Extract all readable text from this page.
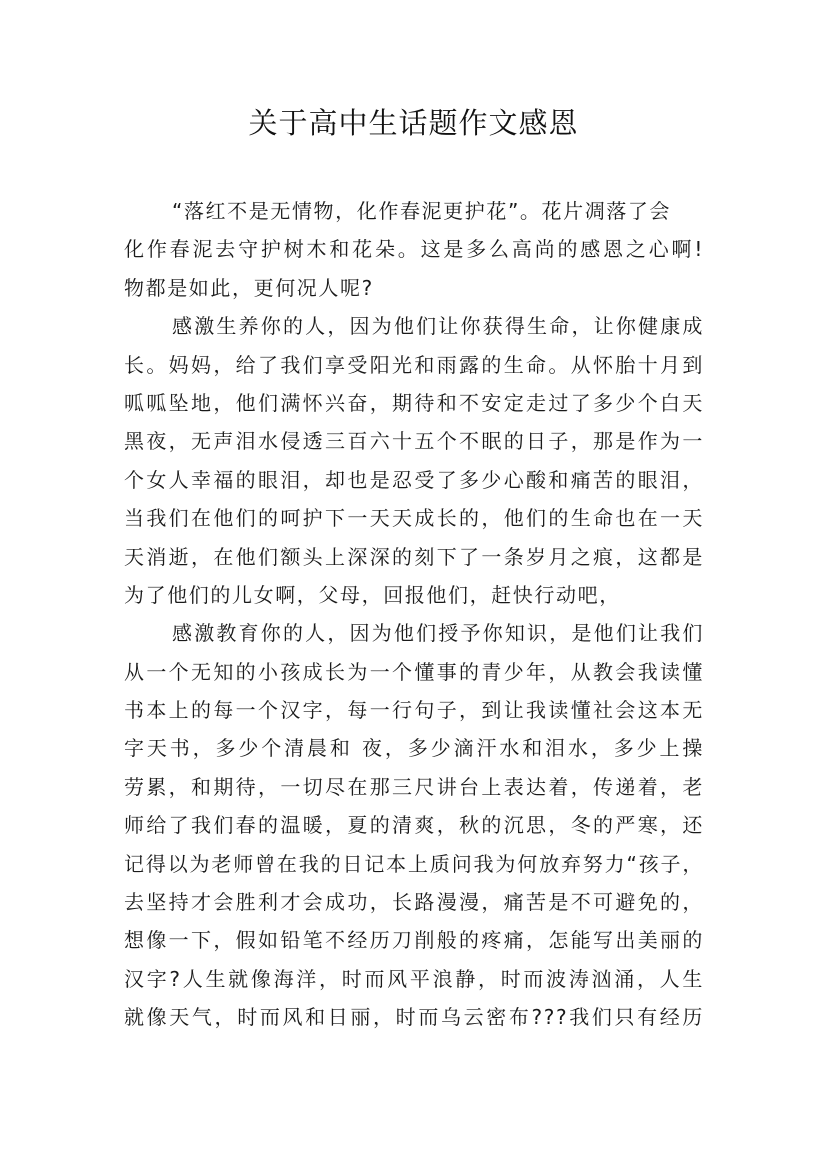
关于高中生话题作文感恩
“落红不是无情物，化作春泥更护花”。花片凋落了会
化作春泥去守护树木和花朵。这是多么高尚的感恩之心啊!
物都是如此，更何况人呢?
感激生养你的人，因为他们让你获得生命，让你健康成
长。妈妈，给了我们享受阳光和雨露的生命。从怀胎十月到
呱呱坠地，他们满怀兴奋，期待和不安定走过了多少个白天
黑夜，无声泪水侵透三百六十五个不眠的日子，那是作为一
个女人幸福的眼泪，却也是忍受了多少心酸和痛苦的眼泪，
当我们在他们的呵护下一天天成长的，他们的生命也在一天
天消逝，在他们额头上深深的刻下了一条岁月之痕，这都是
为了他们的儿女啊，父母，回报他们，赶快行动吧，
感激教育你的人，因为他们授予你知识，是他们让我们
从一个无知的小孩成长为一个懂事的青少年，从教会我读懂
书本上的每一个汉字，每一行句子，到让我读懂社会这本无
字天书，多少个清晨和 夜，多少滴汗水和泪水，多少上操
劳累，和期待，一切尽在那三尺讲台上表达着，传递着，老
师给了我们春的温暖，夏的清爽，秋的沉思，冬的严寒，还
记得以为老师曾在我的日记本上质问我为何放弃努力“孩子，
去坚持才会胜利才会成功，长路漫漫，痛苦是不可避免的，
想像一下，假如铅笔不经历刀削般的疼痛，怎能写出美丽的
汉字?人生就像海洋，时而风平浪静，时而波涛汹涌，人生
就像天气，时而风和日丽，时而乌云密布???我们只有经历
